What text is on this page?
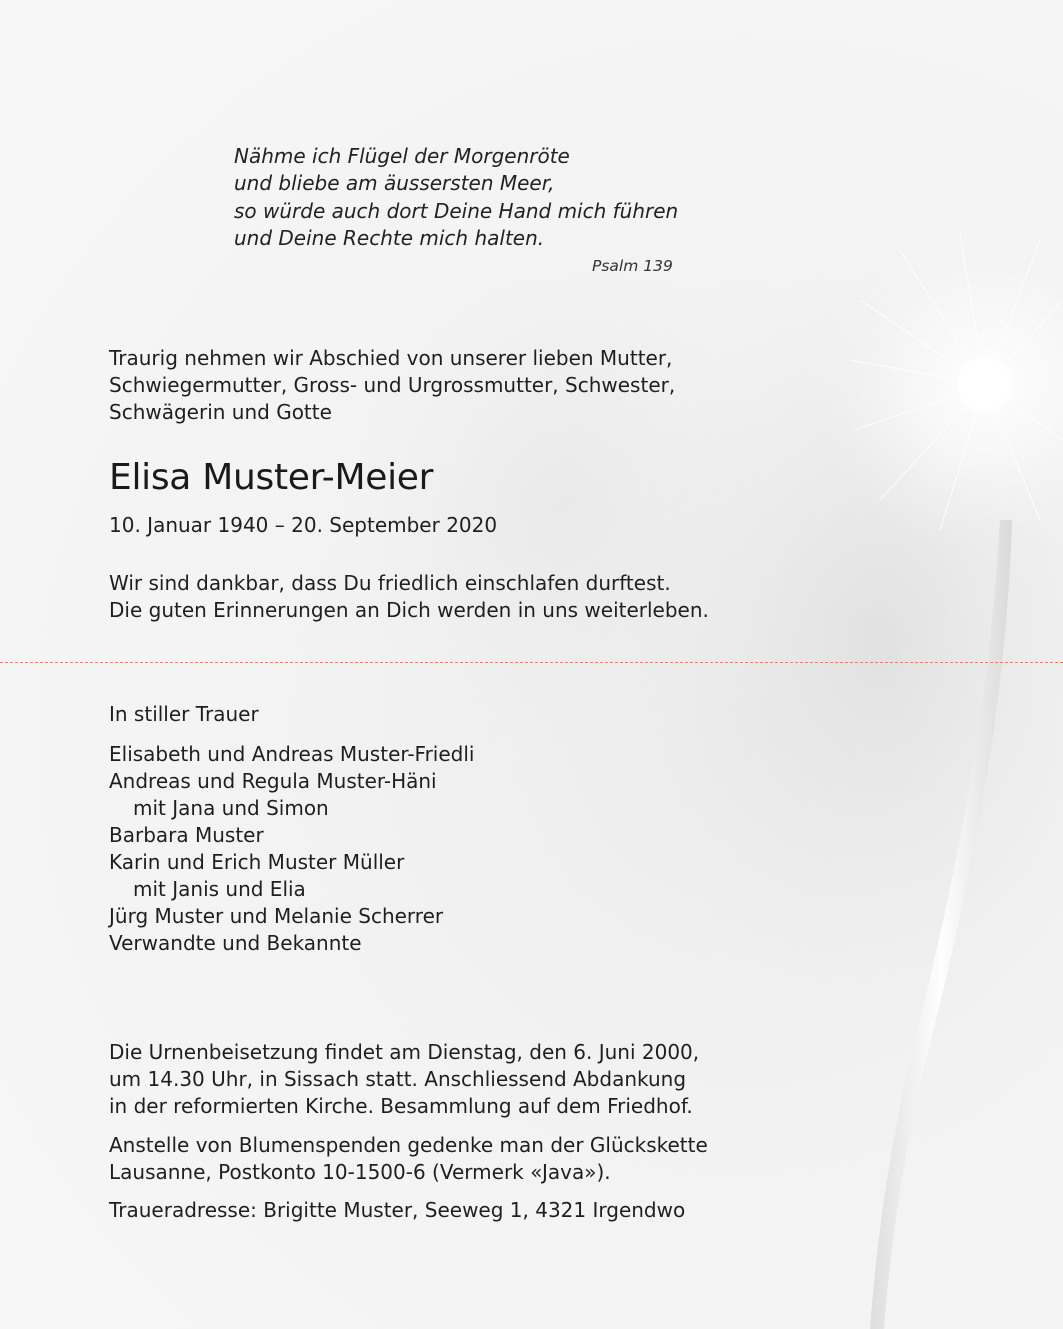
Nähme ich Flügel der Morgenröte
und bliebe am äussersten Meer,
so würde auch dort Deine Hand mich führen
und Deine Rechte mich halten.
Psalm 139
Traurig nehmen wir Abschied von unserer lieben Mutter,
Schwiegermutter, Gross- und Urgrossmutter, Schwester,
Schwägerin und Gotte
Elisa Muster-Meier
10. Januar 1940 – 20. September 2020
Wir sind dankbar, dass Du friedlich einschlafen durftest.
Die guten Erinnerungen an Dich werden in uns weiterleben.
In stiller Trauer
Elisabeth und Andreas Muster-Friedli
Andreas und Regula Muster-Häni
mit Jana und Simon
Barbara Muster
Karin und Erich Muster Müller
mit Janis und Elia
Jürg Muster und Melanie Scherrer
Verwandte und Bekannte
Die Urnenbeisetzung findet am Dienstag, den 6. Juni 2000,
um 14.30 Uhr, in Sissach statt. Anschliessend Abdankung
in der reformierten Kirche. Besammlung auf dem Friedhof.
Anstelle von Blumenspenden gedenke man der Glückskette
Lausanne, Postkonto 10-1500-6 (Vermerk «Java»).
Traueradresse: Brigitte Muster, Seeweg 1, 4321 Irgendwo
